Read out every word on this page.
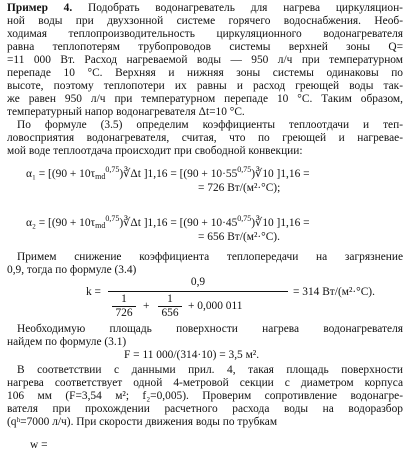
Пример 4. Подобрать водонагреватель для нагрева циркуляцион-
ной воды при двухзонной системе горячего водоснабжения. Необ-
ходимая теплопроизводительность циркуляционного водонагревателя
равна теплопотерям трубопроводов системы верхней зоны Q=
=11 000 Вт. Расход нагреваемой воды — 950 л/ч при температурном
перепаде 10 °С. Верхняя и нижняя зоны системы одинаковы по
высоте, поэтому теплопотери их равны и расход греющей воды так-
же равен 950 л/ч при температурном перепаде 10 °С. Таким образом,
температурный напор водонагревателя Δt=10 °С.
По формуле (3.5) определим коэффициенты теплоотдачи и теп-
ловосприятия водонагревателя, считая, что по греющей и нагревае-
мой воде теплоотдача происходит при свободной конвекции:
$\alpha_1 = [(90 + 10\tau_{md}^{0,75})∛\Delta t$ ]$1,16 = [(90 + 10\cdot 55^{0,75})∛10$ ]1,16 =
= 726 Вт/(м²·°С);
$\alpha_2 = [(90 + 10\tau_{md}^{0,75})∛\Delta t$ ]$1,16 = [(90 + 10\cdot 45^{0,75})∛10$ ]1,16 =
= 656 Вт/(м²·°С).
Примем снижение коэффициента теплопередачи на загрязнение
0,9, тогда по формуле (3.4)
k =
0,9
1
726
+
1
656
+ 0,000 011
= 314 Вт/(м²·°С).
Необходимую площадь поверхности нагрева водонагревателя
найдем по формуле (3.1)
F = 11 000/(314·10) = 3,5 м².
В соответствии с данными прил. 4, такая площадь поверхности
нагрева соответствует одной 4-метровой секции с диаметром корпуса
106 мм (F=3,54 м²; f₂=0,005). Проверим сопротивление водонагре-
вателя при прохождении расчетного расхода воды на водоразбор
(qʰ=7000 л/ч). При скорости движения воды по трубкам
w =
